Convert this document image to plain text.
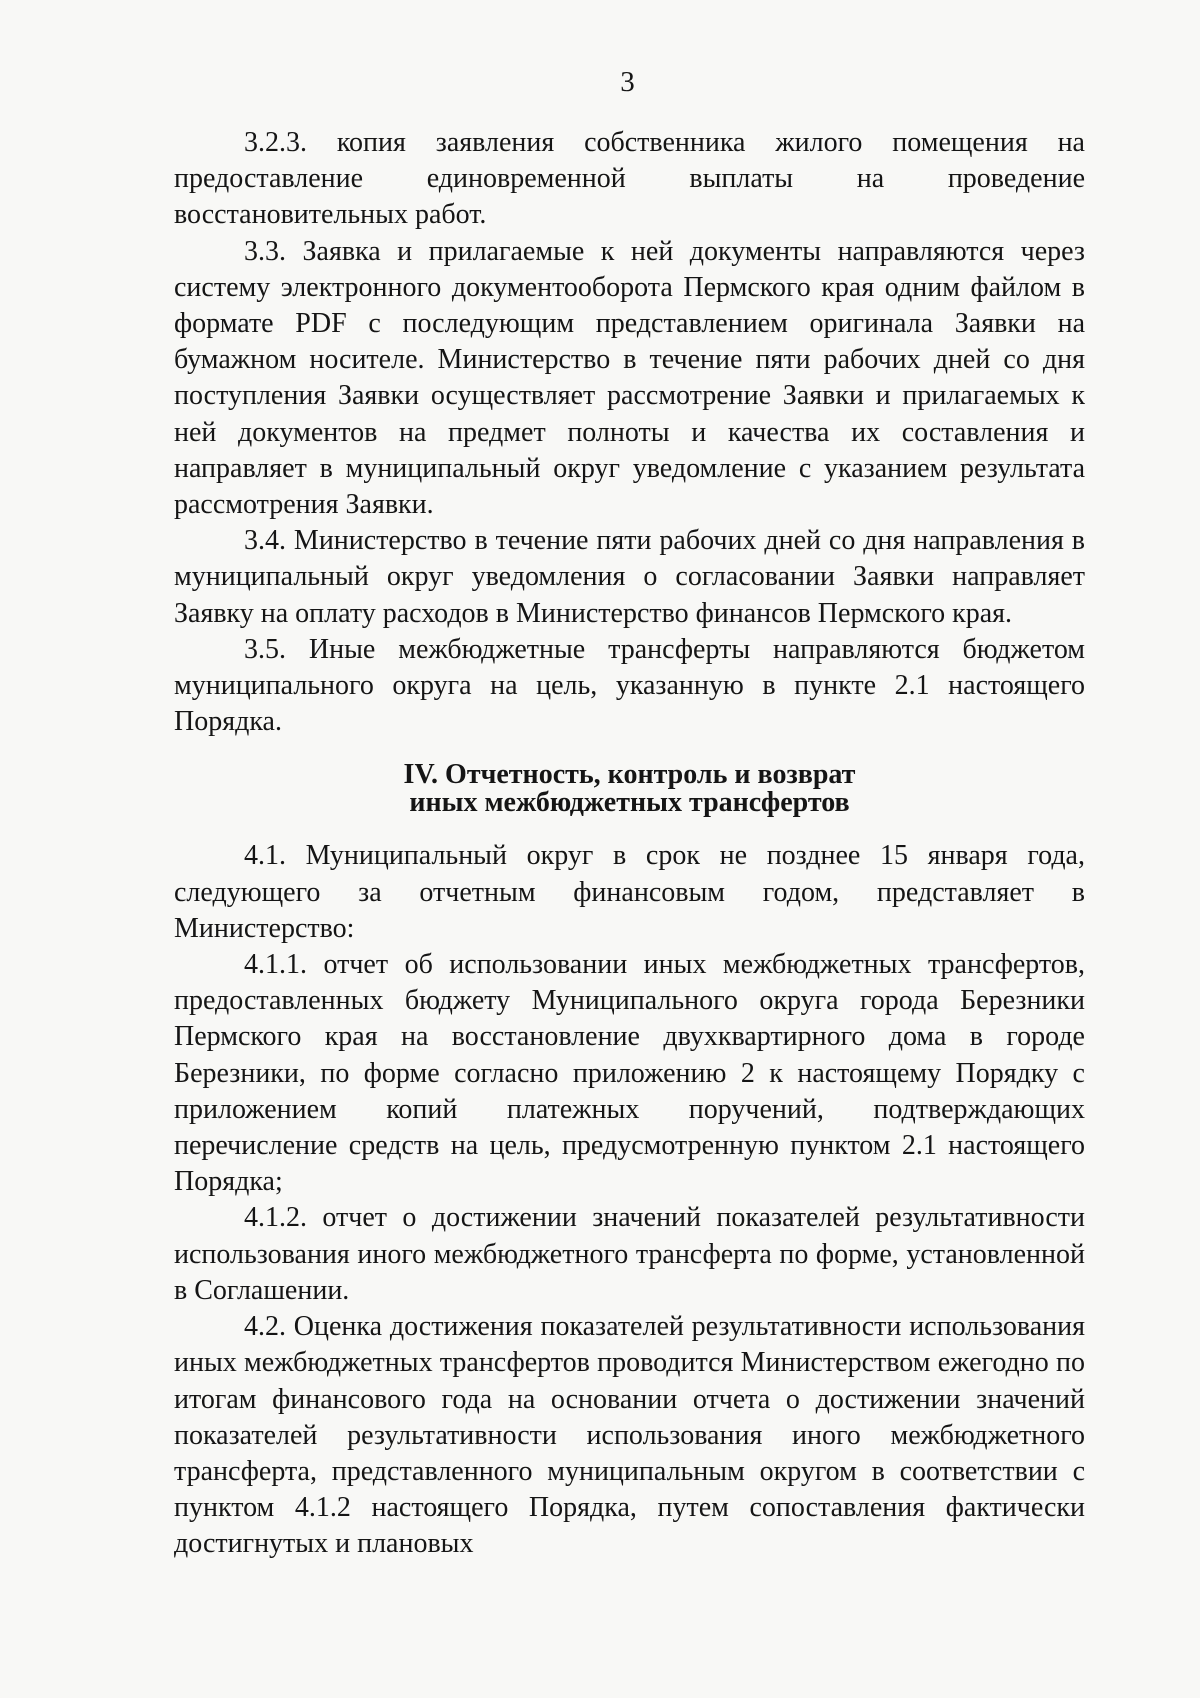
3

3.2.3. копия заявления собственника жилого помещения на предоставление единовременной выплаты на проведение восстановительных работ.

3.3. Заявка и прилагаемые к ней документы направляются через систему электронного документооборота Пермского края одним файлом в формате PDF с последующим представлением оригинала Заявки на бумажном носителе. Министерство в течение пяти рабочих дней со дня поступления Заявки осуществляет рассмотрение Заявки и прилагаемых к ней документов на предмет полноты и качества их составления и направляет в муниципальный округ уведомление с указанием результата рассмотрения Заявки.

3.4. Министерство в течение пяти рабочих дней со дня направления в муниципальный округ уведомления о согласовании Заявки направляет Заявку на оплату расходов в Министерство финансов Пермского края.

3.5. Иные межбюджетные трансферты направляются бюджетом муниципального округа на цель, указанную в пункте 2.1 настоящего Порядка.

IV. Отчетность, контроль и возврат
иных межбюджетных трансфертов

4.1. Муниципальный округ в срок не позднее 15 января года, следующего за отчетным финансовым годом, представляет в Министерство:

4.1.1. отчет об использовании иных межбюджетных трансфертов, предоставленных бюджету Муниципального округа города Березники Пермского края на восстановление двухквартирного дома в городе Березники, по форме согласно приложению 2 к настоящему Порядку с приложением копий платежных поручений, подтверждающих перечисление средств на цель, предусмотренную пунктом 2.1 настоящего Порядка;

4.1.2. отчет о достижении значений показателей результативности использования иного межбюджетного трансферта по форме, установленной в Соглашении.

4.2. Оценка достижения показателей результативности использования иных межбюджетных трансфертов проводится Министерством ежегодно по итогам финансового года на основании отчета о достижении значений показателей результативности использования иного межбюджетного трансферта, представленного муниципальным округом в соответствии с пунктом 4.1.2 настоящего Порядка, путем сопоставления фактически достигнутых и плановых
